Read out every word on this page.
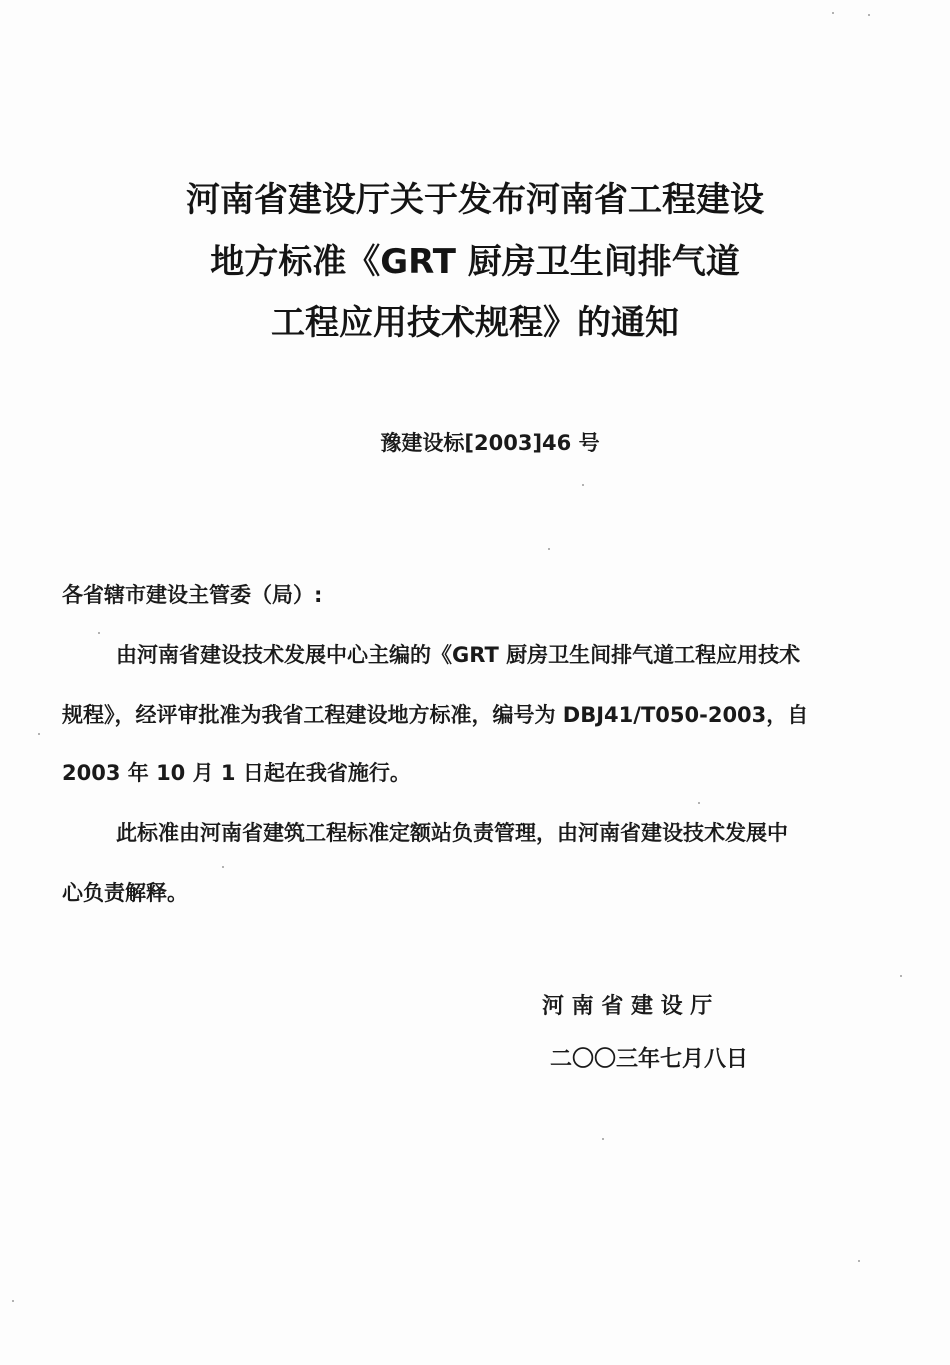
河南省建设厅关于发布河南省工程建设
地方标准《GRT 厨房卫生间排气道
工程应用技术规程》的通知
豫建设标[2003]46 号
各省辖市建设主管委（局）:
由河南省建设技术发展中心主编的《GRT 厨房卫生间排气道工程应用技术
规程》，经评审批准为我省工程建设地方标准，编号为 DBJ41/T050-2003，自
2003 年 10 月 1 日起在我省施行。
此标准由河南省建筑工程标准定额站负责管理，由河南省建设技术发展中
心负责解释。
河 南 省 建 设 厅
二〇〇三年七月八日
